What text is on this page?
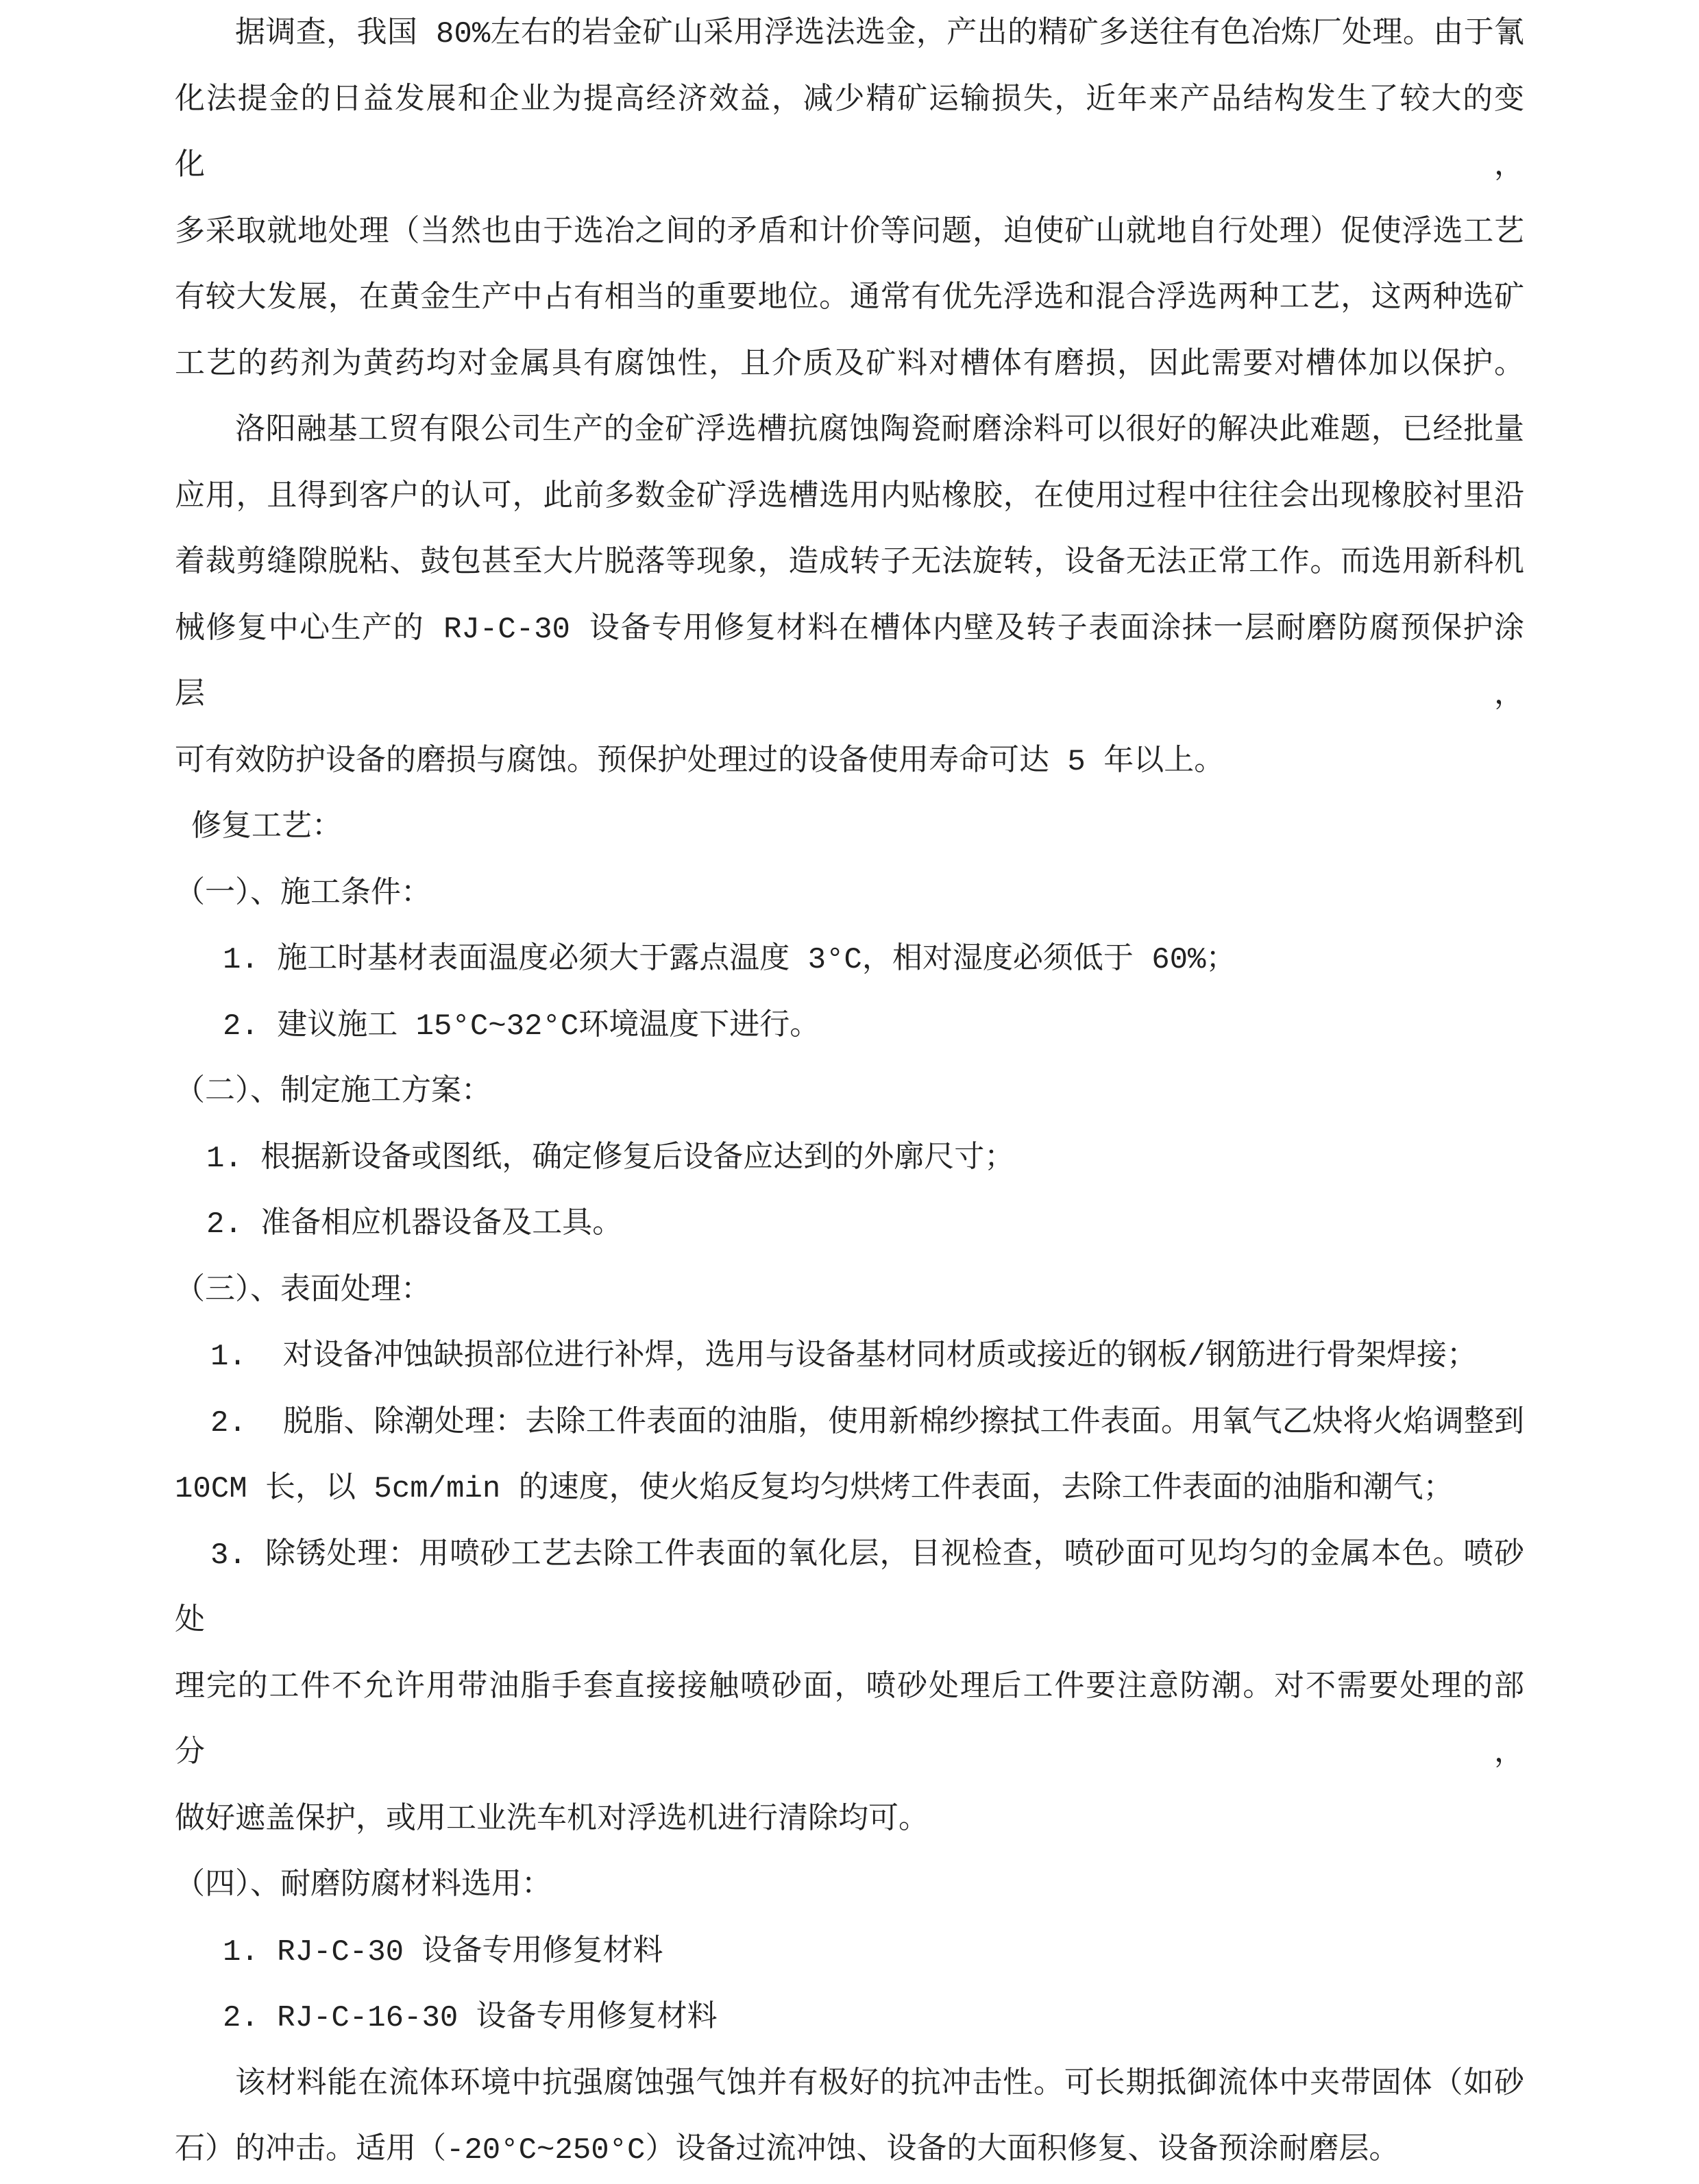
据调查，我国 80%左右的岩金矿山采用浮选法选金，产出的精矿多送往有色冶炼厂处理。由于氰
化法提金的日益发展和企业为提高经济效益，减少精矿运输损失，近年来产品结构发生了较大的变化，
多采取就地处理（当然也由于选冶之间的矛盾和计价等问题，迫使矿山就地自行处理）促使浮选工艺
有较大发展，在黄金生产中占有相当的重要地位。通常有优先浮选和混合浮选两种工艺，这两种选矿
工艺的药剂为黄药均对金属具有腐蚀性，且介质及矿料对槽体有磨损，因此需要对槽体加以保护。
洛阳融基工贸有限公司生产的金矿浮选槽抗腐蚀陶瓷耐磨涂料可以很好的解决此难题，已经批量
应用，且得到客户的认可，此前多数金矿浮选槽选用内贴橡胶，在使用过程中往往会出现橡胶衬里沿
着裁剪缝隙脱粘、鼓包甚至大片脱落等现象，造成转子无法旋转，设备无法正常工作。而选用新科机
械修复中心生产的 RJ-C-30 设备专用修复材料在槽体内壁及转子表面涂抹一层耐磨防腐预保护涂层，
可有效防护设备的磨损与腐蚀。预保护处理过的设备使用寿命可达 5 年以上。
修复工艺：
（一）、施工条件：
1. 施工时基材表面温度必须大于露点温度 3°C，相对湿度必须低于 60%；
2. 建议施工 15°C~32°C环境温度下进行。
（二）、制定施工方案：
1. 根据新设备或图纸，确定修复后设备应达到的外廓尺寸；
2. 准备相应机器设备及工具。
（三）、表面处理：
1.  对设备冲蚀缺损部位进行补焊，选用与设备基材同材质或接近的钢板/钢筋进行骨架焊接；
2.  脱脂、除潮处理：去除工件表面的油脂，使用新棉纱擦拭工件表面。用氧气乙炔将火焰调整到
10CM 长，以 5cm/min 的速度，使火焰反复均匀烘烤工件表面，去除工件表面的油脂和潮气；
3. 除锈处理：用喷砂工艺去除工件表面的氧化层，目视检查，喷砂面可见均匀的金属本色。喷砂处
理完的工件不允许用带油脂手套直接接触喷砂面，喷砂处理后工件要注意防潮。对不需要处理的部分，
做好遮盖保护，或用工业洗车机对浮选机进行清除均可。
（四）、耐磨防腐材料选用：
1. RJ-C-30 设备专用修复材料
2. RJ-C-16-30 设备专用修复材料
该材料能在流体环境中抗强腐蚀强气蚀并有极好的抗冲击性。可长期抵御流体中夹带固体（如砂
石）的冲击。适用（-20°C~250°C）设备过流冲蚀、设备的大面积修复、设备预涂耐磨层。
